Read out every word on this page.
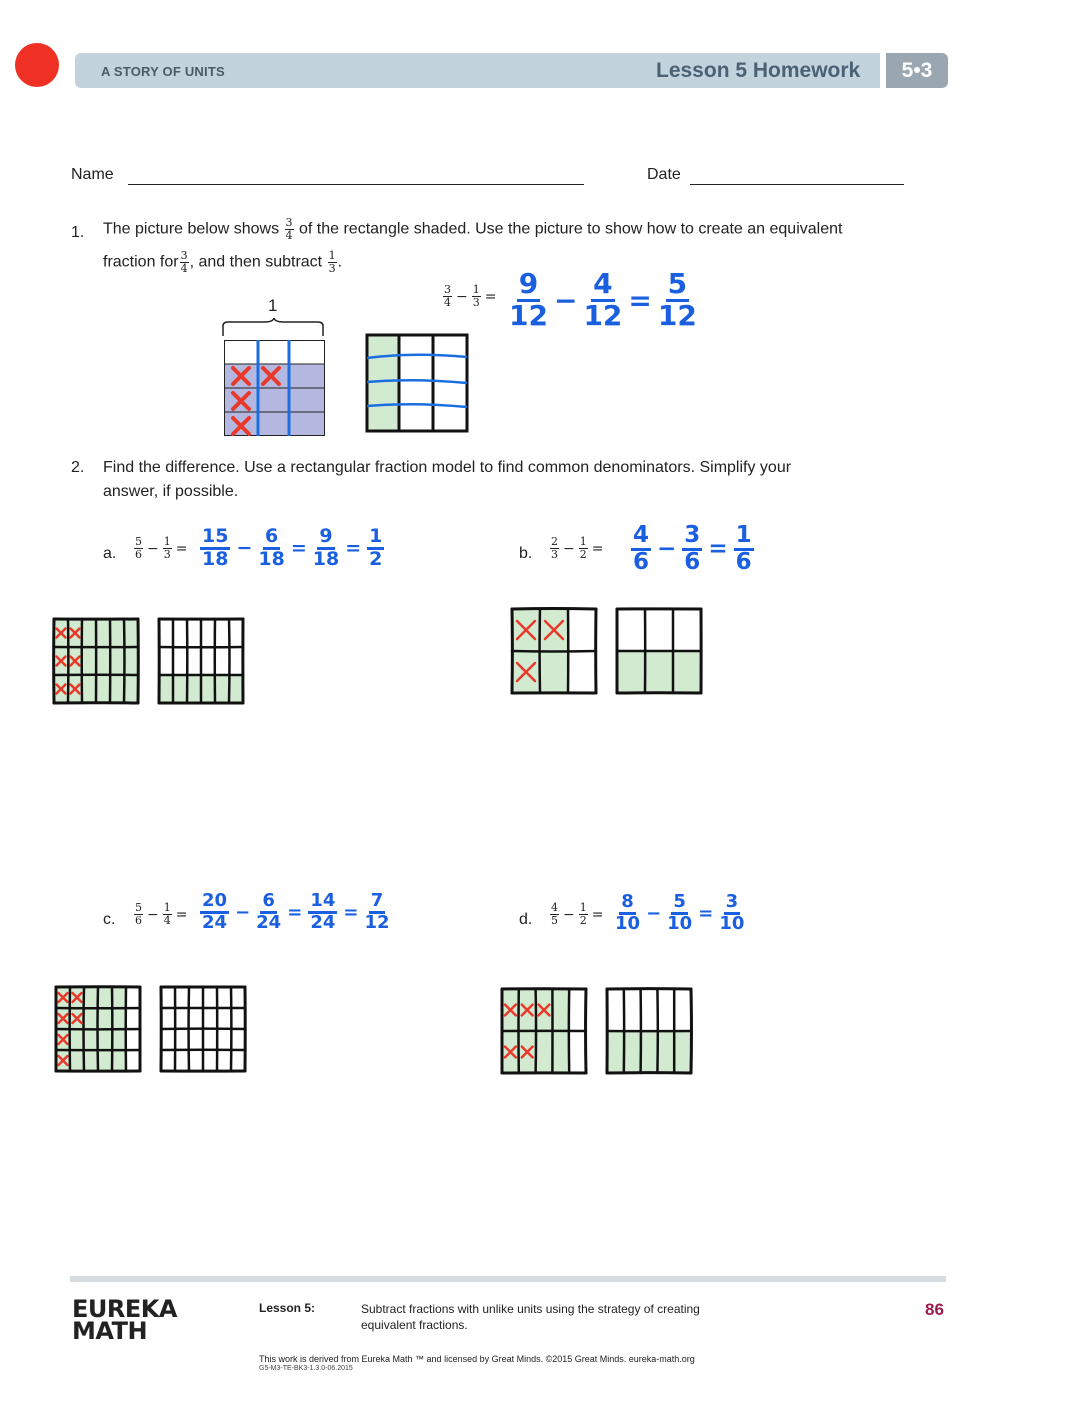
A STORY OF UNITS	Lesson 5 Homework	5•3
Name	Date
1. The picture below shows $\frac{3}{4}$ of the rectangle shaded. Use the picture to show how to create an equivalent
fraction for $\frac{3}{4}$ , and then subtract $\frac{1}{3}$ .
$\frac{3}{4} - \frac{1}{3} = 9$
$12 - \frac{4}{12} = \frac{5}{12}$
1
2. Find the difference. Use a rectangular fraction model to find common denominators. Simplify your
answer, if possible.
a. $\frac{5}{6} - \frac{1}{3}$ =
15
$18 - \frac{6}{18} = \frac{9}{18} = \frac{1}{2}$	b. $\frac{2}{3} - \frac{1}{2}$ =
4
$6 - \frac{3}{6} = \frac{1}{6}$
c. $\frac{5}{6} - \frac{1}{4}$ =
20
$24 - \frac{6}{24} = \frac{14}{24} = \frac{7}{12}$	d. $\frac{4}{5} - \frac{1}{2}$ =
8
$10 - \frac{5}{10} = \frac{3}{10}$
EUREKA
MATH
Lesson 5:	Subtract fractions with unlike units using the strategy of creating equivalent fractions.
86
This work is derived from Eureka Math ™ and licensed by Great Minds. ©2015 Great Minds. eureka-math.org
G5-M3-TE-BK3-1.3.0-06.2015
